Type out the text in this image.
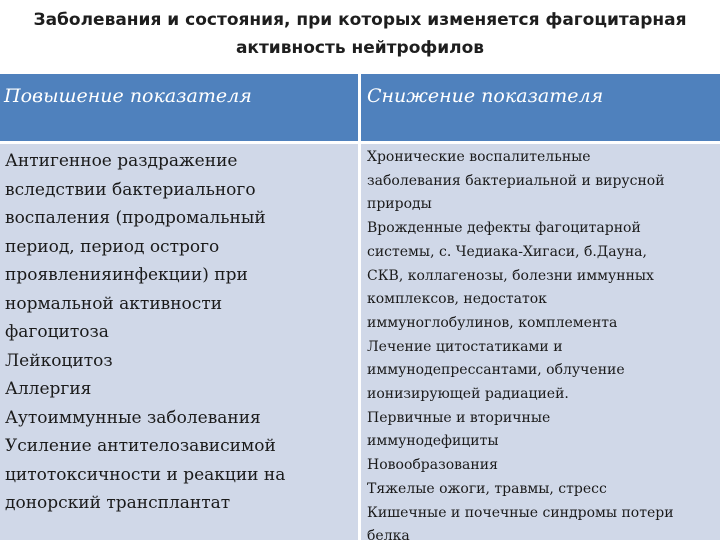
Заболевания и состояния, при которых изменяется фагоцитарная
активность нейтрофилов
Повышение показателя	Снижение показателя
Антигенное раздражение
вследствии бактериального
воспаления (продромальный
период, период острого
проявленияинфекции) при
нормальной активности
фагоцитоза
Лейкоцитоз
Аллергия
Аутоиммунные заболевания
Усиление антителозависимой
цитотоксичности и реакции на
донорский трансплантат
Хронические воспалительные
заболевания бактериальной и вирусной
природы
Врожденные дефекты фагоцитарной
системы, с. Чедиака-Хигаси, б.Дауна,
СКВ, коллагенозы, болезни иммунных
комплексов, недостаток
иммуноглобулинов, комплемента
Лечение цитостатиками и
иммунодепрессантами, облучение
ионизирующей радиацией.
Первичные и вторичные
иммунодефициты
Новообразования
Тяжелые ожоги, травмы, стресс
Кишечные и почечные синдромы потери
белка
